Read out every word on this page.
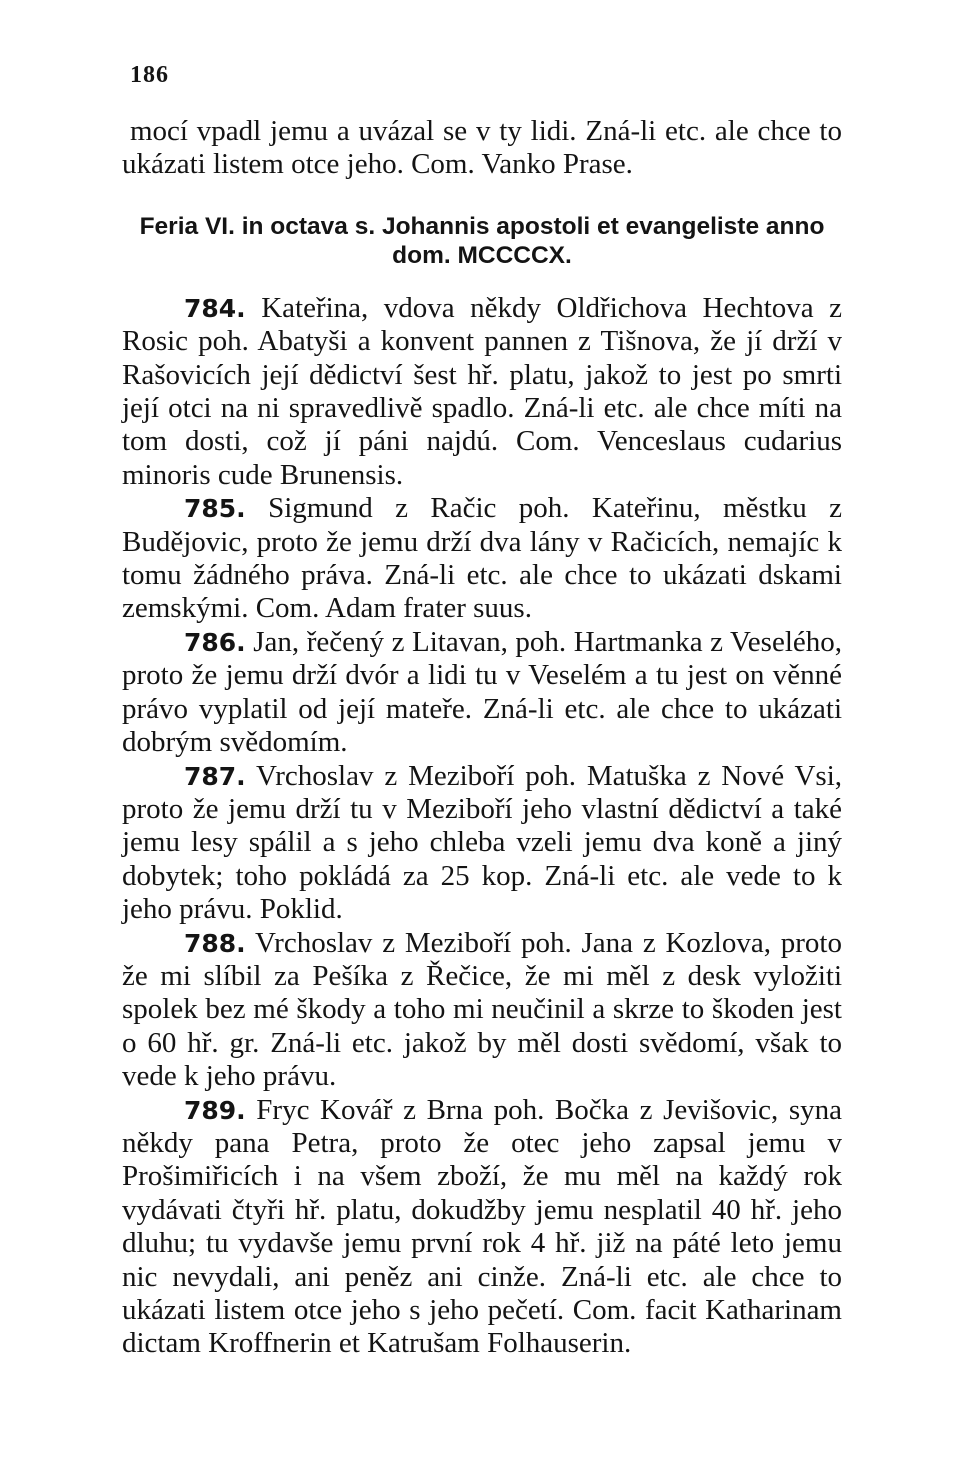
186

mocí vpadl jemu a uvázal se v ty lidi. Zná-li etc. ale chce to ukázati listem otce jeho. Com. Vanko Prase.

Feria VI. in octava s. Johannis apostoli et evangeliste anno dom. MCCCCX.

784. Kateřina, vdova někdy Oldřichova Hechtova z Rosic poh. Abatyši a konvent pannen z Tišnova, že jí drží v Rašovicích její dědictví šest hř. platu, jakož to jest po smrti její otci na ni spravedlivě spadlo. Zná-li etc. ale chce míti na tom dosti, což jí páni najdú. Com. Venceslaus cudarius minoris cude Brunensis.

785. Sigmund z Račic poh. Kateřinu, městku z Budějovic, proto že jemu drží dva lány v Račicích, nemajíc k tomu žádného práva. Zná-li etc. ale chce to ukázati dskami zemskými. Com. Adam frater suus.

786. Jan, řečený z Litavan, poh. Hartmanka z Veselého, proto že jemu drží dvór a lidi tu v Veselém a tu jest on věnné právo vyplatil od její mateře. Zná-li etc. ale chce to ukázati dobrým svědomím.

787. Vrchoslav z Meziboří poh. Matuška z Nové Vsi, proto že jemu drží tu v Meziboří jeho vlastní dědictví a také jemu lesy spálil a s jeho chleba vzeli jemu dva koně a jiný dobytek; toho pokládá za 25 kop. Zná-li etc. ale vede to k jeho právu. Poklid.

788. Vrchoslav z Meziboří poh. Jana z Kozlova, proto že mi slíbil za Pešíka z Řečice, že mi měl z desk vyložiti spolek bez mé škody a toho mi neučinil a skrze to škoden jest o 60 hř. gr. Zná-li etc. jakož by měl dosti svědomí, však to vede k jeho právu.

789. Fryc Kovář z Brna poh. Bočka z Jevišovic, syna někdy pana Petra, proto že otec jeho zapsal jemu v Prošimiřicích i na všem zboží, že mu měl na každý rok vydávati čtyři hř. platu, dokudžby jemu nesplatil 40 hř. jeho dluhu; tu vydavše jemu první rok 4 hř. již na páté leto jemu nic nevydali, ani peněz ani cinže. Zná-li etc. ale chce to ukázati listem otce jeho s jeho pečetí. Com. facit Katharinam dictam Kroffnerin et Katrušam Folhauserin.
